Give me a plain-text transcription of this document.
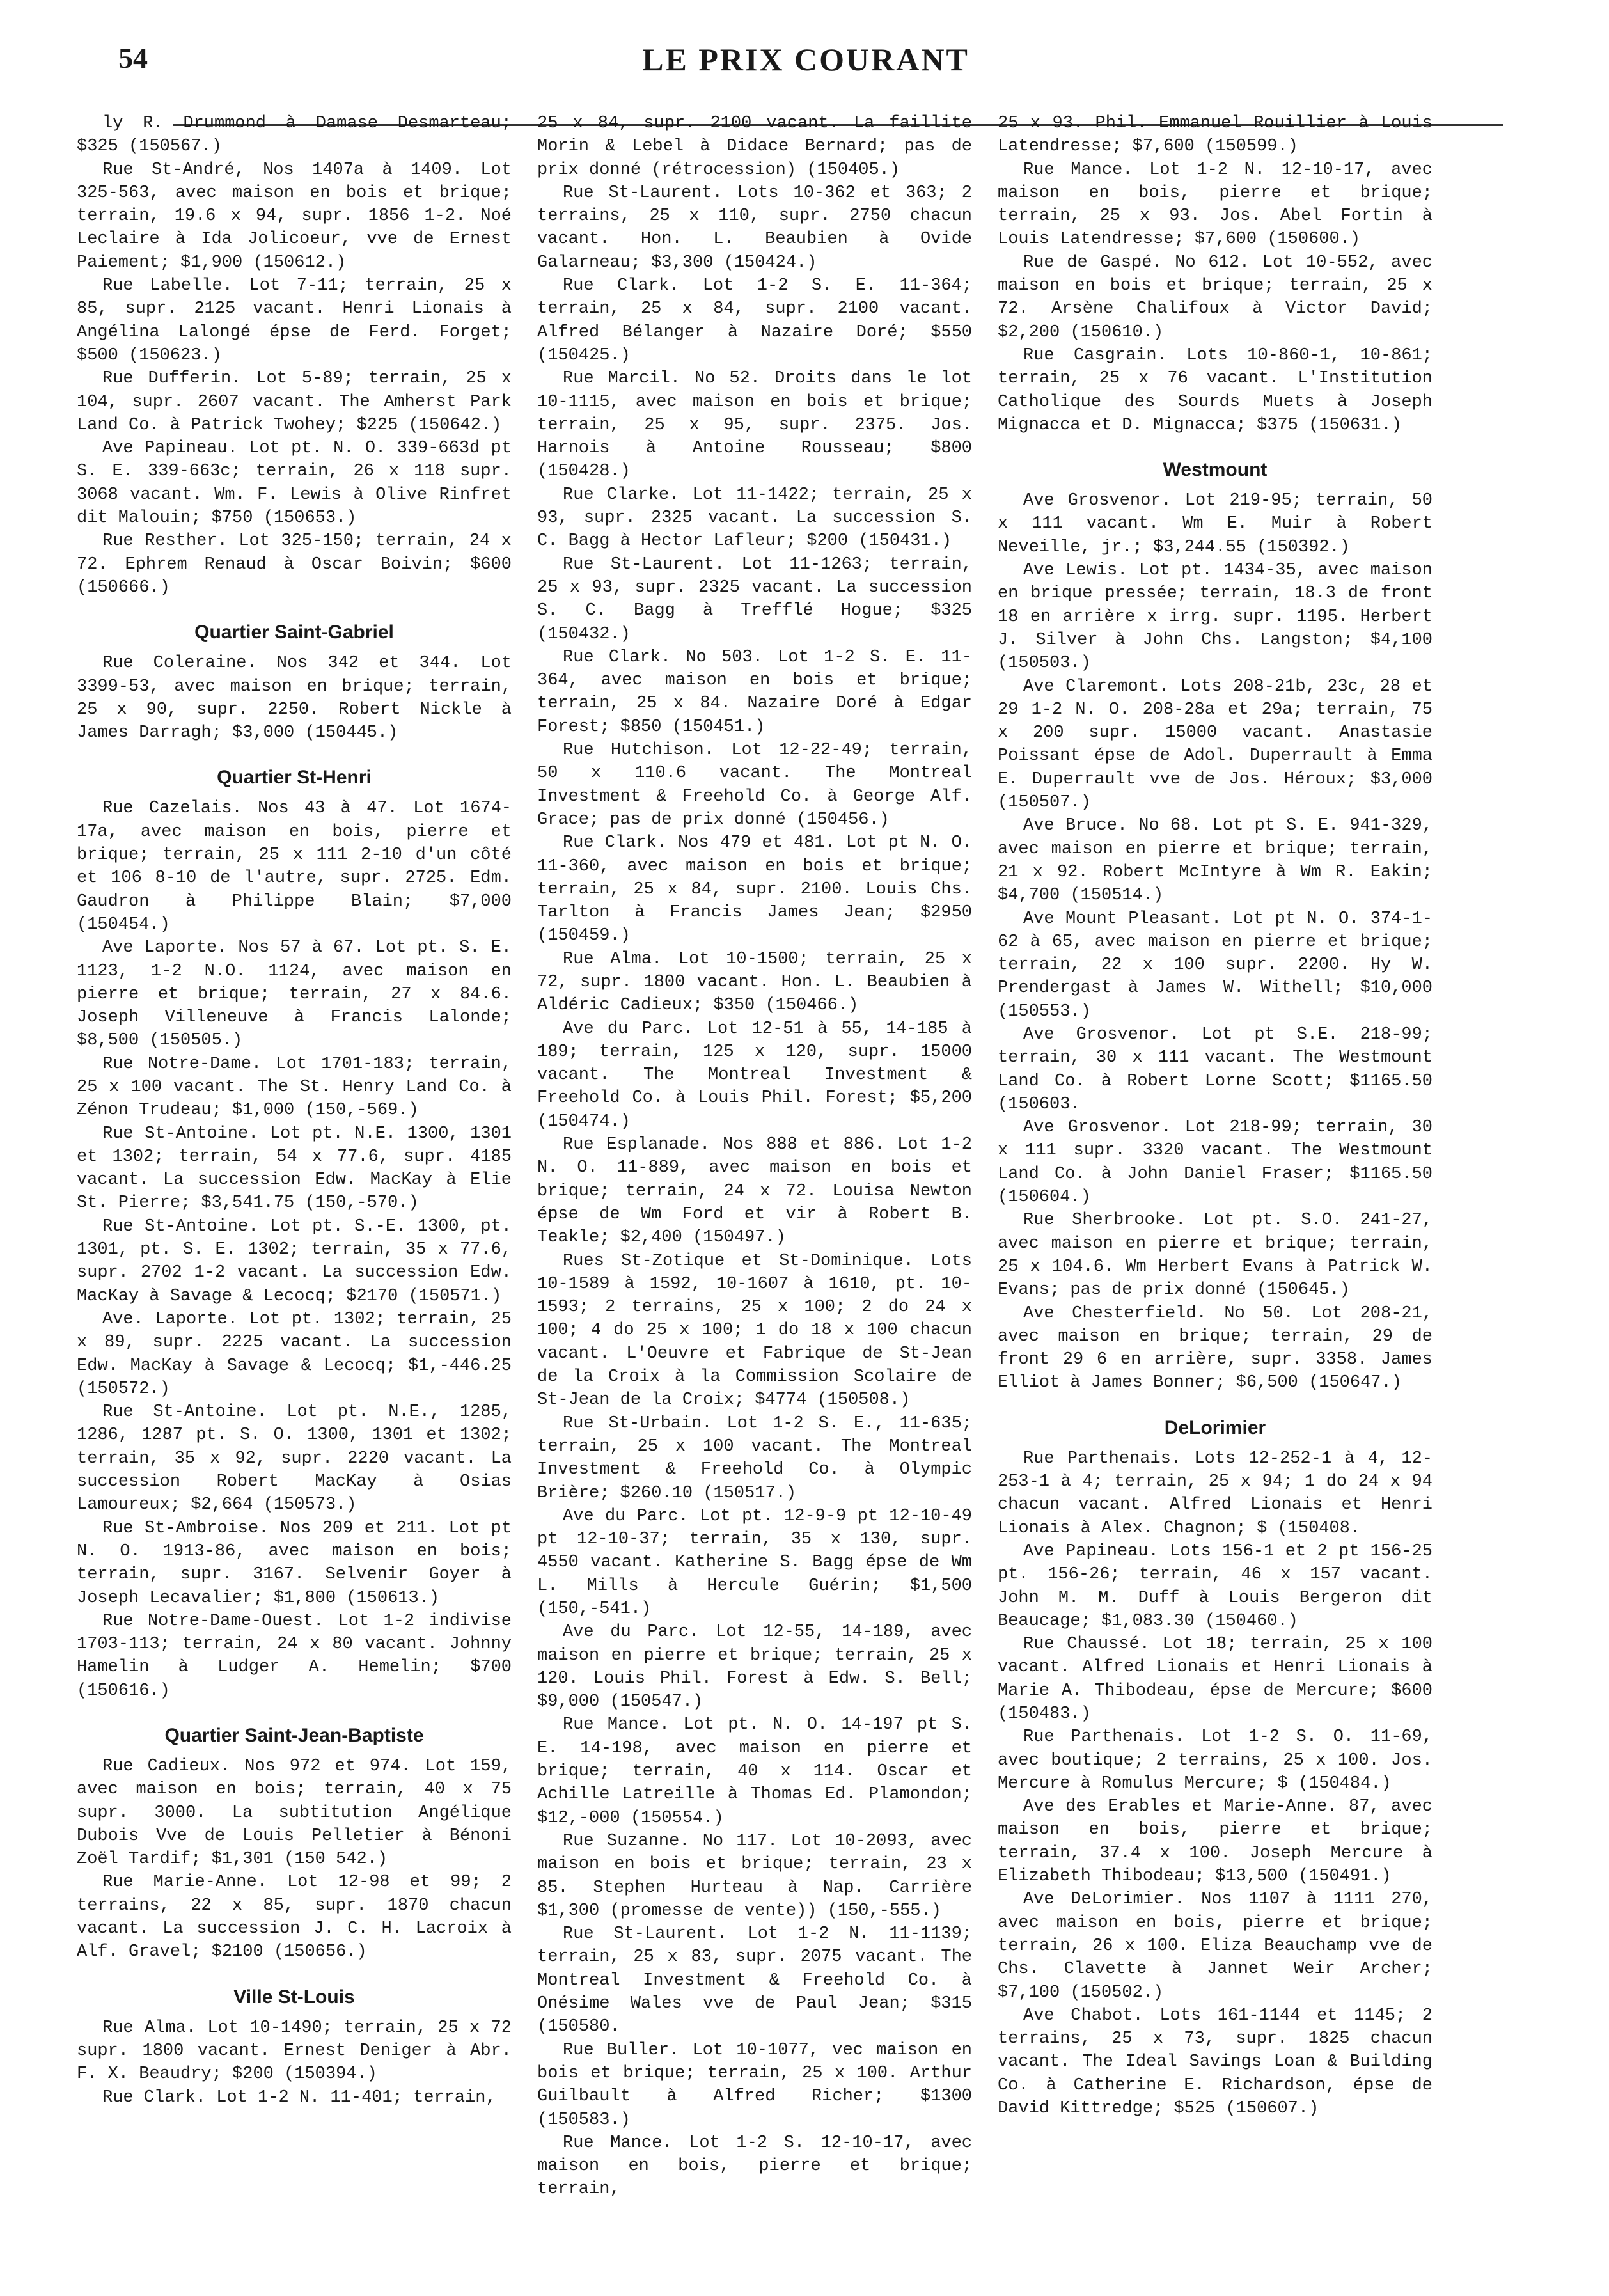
54	LE PRIX COURANT

ly R. Drummond à Damase Desmarteau; $325 (150567.)

Rue St-André, Nos 1407a à 1409. Lot 325-563, avec maison en bois et brique; terrain, 19.6 x 94, supr. 1856 1-2. Noé Leclaire à Ida Jolicoeur, vve de Ernest Paiement; $1,900 (150612.)

Rue Labelle. Lot 7-11; terrain, 25 x 85, supr. 2125 vacant. Henri Lionais à Angélina Lalongé épse de Ferd. Forget; $500 (150623.)

Rue Dufferin. Lot 5-89; terrain, 25 x 104, supr. 2607 vacant. The Amherst Park Land Co. à Patrick Twohey; $225 (150642.)

Ave Papineau. Lot pt. N. O. 339-663d pt S. E. 339-663c; terrain, 26 x 118 supr. 3068 vacant. Wm. F. Lewis à Olive Rinfret dit Malouin; $750 (150653.)

Rue Resther. Lot 325-150; terrain, 24 x 72. Ephrem Renaud à Oscar Boivin; $600 (150666.)

Quartier Saint-Gabriel

Rue Coleraine. Nos 342 et 344. Lot 3399-53, avec maison en brique; terrain, 25 x 90, supr. 2250. Robert Nickle à James Darragh; $3,000 (150445.)

Quartier St-Henri

Rue Cazelais. Nos 43 à 47. Lot 1674-17a, avec maison en bois, pierre et brique; terrain, 25 x 111 2-10 d'un côté et 106 8-10 de l'autre, supr. 2725. Edm. Gaudron à Philippe Blain; $7,000 (150454.)

Ave Laporte. Nos 57 à 67. Lot pt. S. E. 1123, 1-2 N.O. 1124, avec maison en pierre et brique; terrain, 27 x 84.6. Joseph Villeneuve à Francis Lalonde; $8,500 (150505.)

Rue Notre-Dame. Lot 1701-183; terrain, 25 x 100 vacant. The St. Henry Land Co. à Zénon Trudeau; $1,000 (150,-569.)

Rue St-Antoine. Lot pt. N.E. 1300, 1301 et 1302; terrain, 54 x 77.6, supr. 4185 vacant. La succession Edw. MacKay à Elie St. Pierre; $3,541.75 (150,-570.)

Rue St-Antoine. Lot pt. S.-E. 1300, pt. 1301, pt. S. E. 1302; terrain, 35 x 77.6, supr. 2702 1-2 vacant. La succession Edw. MacKay à Savage & Lecocq; $2170 (150571.)

Ave. Laporte. Lot pt. 1302; terrain, 25 x 89, supr. 2225 vacant. La succession Edw. MacKay à Savage & Lecocq; $1,-446.25 (150572.)

Rue St-Antoine. Lot pt. N.E., 1285, 1286, 1287 pt. S. O. 1300, 1301 et 1302; terrain, 35 x 92, supr. 2220 vacant. La succession Robert MacKay à Osias Lamoureux; $2,664 (150573.)

Rue St-Ambroise. Nos 209 et 211. Lot pt N. O. 1913-86, avec maison en bois; terrain, supr. 3167. Selvenir Goyer à Joseph Lecavalier; $1,800 (150613.)

Rue Notre-Dame-Ouest. Lot 1-2 indivise 1703-113; terrain, 24 x 80 vacant. Johnny Hamelin à Ludger A. Hemelin; $700 (150616.)

Quartier Saint-Jean-Baptiste

Rue Cadieux. Nos 972 et 974. Lot 159, avec maison en bois; terrain, 40 x 75 supr. 3000. La subtitution Angélique Dubois Vve de Louis Pelletier à Bénoni Zoël Tardif; $1,301 (150 542.)

Rue Marie-Anne. Lot 12-98 et 99; 2 terrains, 22 x 85, supr. 1870 chacun vacant. La succession J. C. H. Lacroix à Alf. Gravel; $2100 (150656.)

Ville St-Louis

Rue Alma. Lot 10-1490; terrain, 25 x 72 supr. 1800 vacant. Ernest Deniger à Abr. F. X. Beaudry; $200 (150394.)

Rue Clark. Lot 1-2 N. 11-401; terrain,

25 x 84, supr. 2100 vacant. La faillite Morin & Lebel à Didace Bernard; pas de prix donné (rétrocession) (150405.)

Rue St-Laurent. Lots 10-362 et 363; 2 terrains, 25 x 110, supr. 2750 chacun vacant. Hon. L. Beaubien à Ovide Galarneau; $3,300 (150424.)

Rue Clark. Lot 1-2 S. E. 11-364; terrain, 25 x 84, supr. 2100 vacant. Alfred Bélanger à Nazaire Doré; $550 (150425.)

Rue Marcil. No 52. Droits dans le lot 10-1115, avec maison en bois et brique; terrain, 25 x 95, supr. 2375. Jos. Harnois à Antoine Rousseau; $800 (150428.)

Rue Clarke. Lot 11-1422; terrain, 25 x 93, supr. 2325 vacant. La succession S. C. Bagg à Hector Lafleur; $200 (150431.)

Rue St-Laurent. Lot 11-1263; terrain, 25 x 93, supr. 2325 vacant. La succession S. C. Bagg à Trefflé Hogue; $325 (150432.)

Rue Clark. No 503. Lot 1-2 S. E. 11-364, avec maison en bois et brique; terrain, 25 x 84. Nazaire Doré à Edgar Forest; $850 (150451.)

Rue Hutchison. Lot 12-22-49; terrain, 50 x 110.6 vacant. The Montreal Investment & Freehold Co. à George Alf. Grace; pas de prix donné (150456.)

Rue Clark. Nos 479 et 481. Lot pt N. O. 11-360, avec maison en bois et brique; terrain, 25 x 84, supr. 2100. Louis Chs. Tarlton à Francis James Jean; $2950 (150459.)

Rue Alma. Lot 10-1500; terrain, 25 x 72, supr. 1800 vacant. Hon. L. Beaubien à Aldéric Cadieux; $350 (150466.)

Ave du Parc. Lot 12-51 à 55, 14-185 à 189; terrain, 125 x 120, supr. 15000 vacant. The Montreal Investment & Freehold Co. à Louis Phil. Forest; $5,200 (150474.)

Rue Esplanade. Nos 888 et 886. Lot 1-2 N. O. 11-889, avec maison en bois et brique; terrain, 24 x 72. Louisa Newton épse de Wm Ford et vir à Robert B. Teakle; $2,400 (150497.)

Rues St-Zotique et St-Dominique. Lots 10-1589 à 1592, 10-1607 à 1610, pt. 10-1593; 2 terrains, 25 x 100; 2 do 24 x 100; 4 do 25 x 100; 1 do 18 x 100 chacun vacant. L'Oeuvre et Fabrique de St-Jean de la Croix à la Commission Scolaire de St-Jean de la Croix; $4774 (150508.)

Rue St-Urbain. Lot 1-2 S. E., 11-635; terrain, 25 x 100 vacant. The Montreal Investment & Freehold Co. à Olympic Brière; $260.10 (150517.)

Ave du Parc. Lot pt. 12-9-9 pt 12-10-49 pt 12-10-37; terrain, 35 x 130, supr. 4550 vacant. Katherine S. Bagg épse de Wm L. Mills à Hercule Guérin; $1,500 (150,-541.)

Ave du Parc. Lot 12-55, 14-189, avec maison en pierre et brique; terrain, 25 x 120. Louis Phil. Forest à Edw. S. Bell; $9,000 (150547.)

Rue Mance. Lot pt. N. O. 14-197 pt S. E. 14-198, avec maison en pierre et brique; terrain, 40 x 114. Oscar et Achille Latreille à Thomas Ed. Plamondon; $12,-000 (150554.)

Rue Suzanne. No 117. Lot 10-2093, avec maison en bois et brique; terrain, 23 x 85. Stephen Hurteau à Nap. Carrière $1,300 (promesse de vente)) (150,-555.)

Rue St-Laurent. Lot 1-2 N. 11-1139; terrain, 25 x 83, supr. 2075 vacant. The Montreal Investment & Freehold Co. à Onésime Wales vve de Paul Jean; $315 (150580.

Rue Buller. Lot 10-1077, vec maison en bois et brique; terrain, 25 x 100. Arthur Guilbault à Alfred Richer; $1300 (150583.)

Rue Mance. Lot 1-2 S. 12-10-17, avec maison en bois, pierre et brique; terrain,

25 x 93. Phil. Emmanuel Rouillier à Louis Latendresse; $7,600 (150599.)

Rue Mance. Lot 1-2 N. 12-10-17, avec maison en bois, pierre et brique; terrain, 25 x 93. Jos. Abel Fortin à Louis Latendresse; $7,600 (150600.)

Rue de Gaspé. No 612. Lot 10-552, avec maison en bois et brique; terrain, 25 x 72. Arsène Chalifoux à Victor David; $2,200 (150610.)

Rue Casgrain. Lots 10-860-1, 10-861; terrain, 25 x 76 vacant. L'Institution Catholique des Sourds Muets à Joseph Mignacca et D. Mignacca; $375 (150631.)

Westmount

Ave Grosvenor. Lot 219-95; terrain, 50 x 111 vacant. Wm E. Muir à Robert Neveille, jr.; $3,244.55 (150392.)

Ave Lewis. Lot pt. 1434-35, avec maison en brique pressée; terrain, 18.3 de front 18 en arrière x irrg. supr. 1195. Herbert J. Silver à John Chs. Langston; $4,100 (150503.)

Ave Claremont. Lots 208-21b, 23c, 28 et 29 1-2 N. O. 208-28a et 29a; terrain, 75 x 200 supr. 15000 vacant. Anastasie Poissant épse de Adol. Duperrault à Emma E. Duperrault vve de Jos. Héroux; $3,000 (150507.)

Ave Bruce. No 68. Lot pt S. E. 941-329, avec maison en pierre et brique; terrain, 21 x 92. Robert McIntyre à Wm R. Eakin; $4,700 (150514.)

Ave Mount Pleasant. Lot pt N. O. 374-1-62 à 65, avec maison en pierre et brique; terrain, 22 x 100 supr. 2200. Hy W. Prendergast à James W. Withell; $10,000 (150553.)

Ave Grosvenor. Lot pt S.E. 218-99; terrain, 30 x 111 vacant. The Westmount Land Co. à Robert Lorne Scott; $1165.50 (150603.

Ave Grosvenor. Lot 218-99; terrain, 30 x 111 supr. 3320 vacant. The Westmount Land Co. à John Daniel Fraser; $1165.50 (150604.)

Rue Sherbrooke. Lot pt. S.O. 241-27, avec maison en pierre et brique; terrain, 25 x 104.6. Wm Herbert Evans à Patrick W. Evans; pas de prix donné (150645.)

Ave Chesterfield. No 50. Lot 208-21, avec maison en brique; terrain, 29 de front 29 6 en arrière, supr. 3358. James Elliot à James Bonner; $6,500 (150647.)

DeLorimier

Rue Parthenais. Lots 12-252-1 à 4, 12-253-1 à 4; terrain, 25 x 94; 1 do 24 x 94 chacun vacant. Alfred Lionais et Henri Lionais à Alex. Chagnon; $ (150408.

Ave Papineau. Lots 156-1 et 2 pt 156-25 pt. 156-26; terrain, 46 x 157 vacant. John M. M. Duff à Louis Bergeron dit Beaucage; $1,083.30 (150460.)

Rue Chaussé. Lot 18; terrain, 25 x 100 vacant. Alfred Lionais et Henri Lionais à Marie A. Thibodeau, épse de Mercure; $600 (150483.)

Rue Parthenais. Lot 1-2 S. O. 11-69, avec boutique; 2 terrains, 25 x 100. Jos. Mercure à Romulus Mercure; $ (150484.)

Ave des Erables et Marie-Anne. 87, avec maison en bois, pierre et brique; terrain, 37.4 x 100. Joseph Mercure à Elizabeth Thibodeau; $13,500 (150491.)

Ave DeLorimier. Nos 1107 à 1111 270, avec maison en bois, pierre et brique; terrain, 26 x 100. Eliza Beauchamp vve de Chs. Clavette à Jannet Weir Archer; $7,100 (150502.)

Ave Chabot. Lots 161-1144 et 1145; 2 terrains, 25 x 73, supr. 1825 chacun vacant. The Ideal Savings Loan & Building Co. à Catherine E. Richardson, épse de David Kittredge; $525 (150607.)
